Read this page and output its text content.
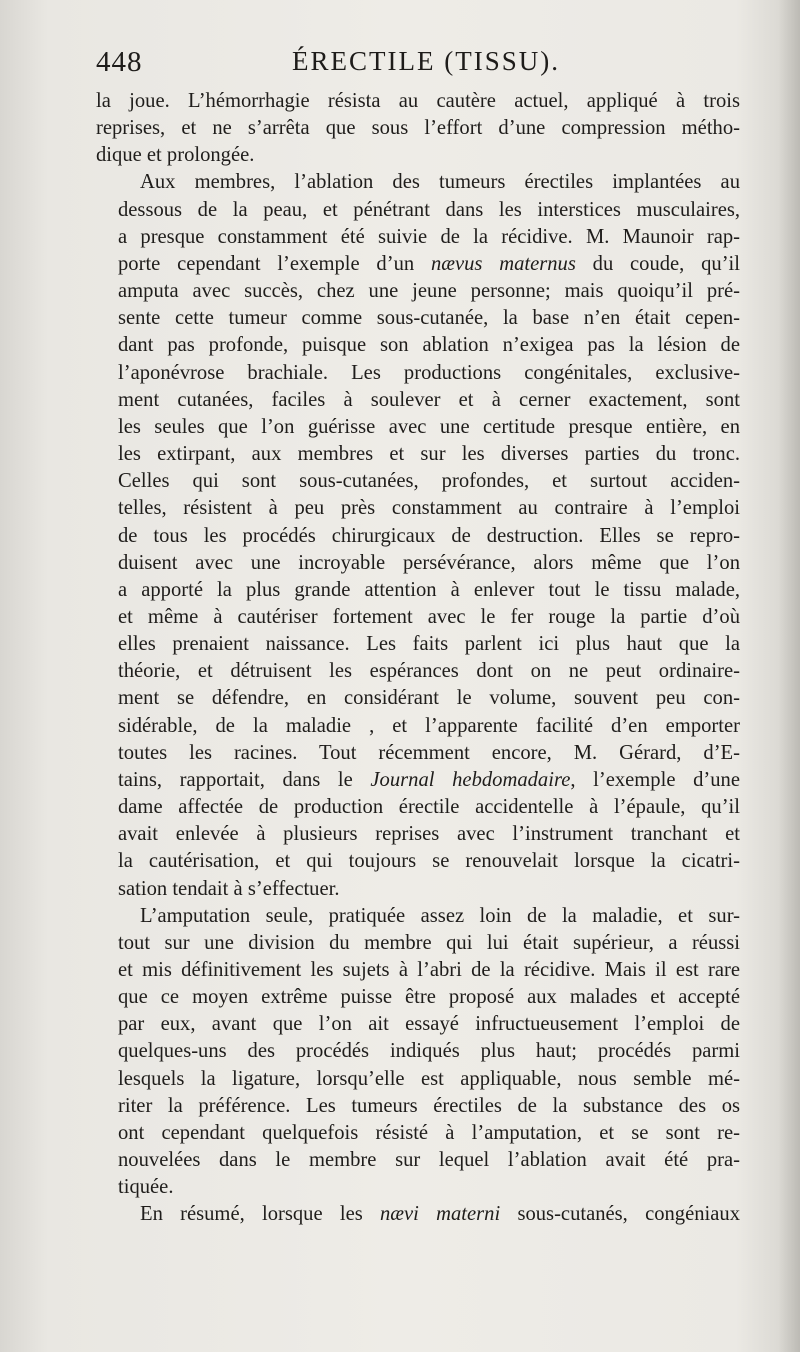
448	ÉRECTILE (TISSU).
la joue. L’hémorrhagie résista au cautère actuel, appliqué à trois
reprises, et ne s’arrêta que sous l’effort d’une compression métho-
dique et prolongée.
Aux membres, l’ablation des tumeurs érectiles implantées au
dessous de la peau, et pénétrant dans les interstices musculaires,
a presque constamment été suivie de la récidive. M. Maunoir rap-
porte cependant l’exemple d’un nævus maternus du coude, qu’il
amputa avec succès, chez une jeune personne; mais quoiqu’il pré-
sente cette tumeur comme sous-cutanée, la base n’en était cepen-
dant pas profonde, puisque son ablation n’exigea pas la lésion de
l’aponévrose brachiale. Les productions congénitales, exclusive-
ment cutanées, faciles à soulever et à cerner exactement, sont
les seules que l’on guérisse avec une certitude presque entière, en
les extirpant, aux membres et sur les diverses parties du tronc.
Celles qui sont sous-cutanées, profondes, et surtout acciden-
telles, résistent à peu près constamment au contraire à l’emploi
de tous les procédés chirurgicaux de destruction. Elles se repro-
duisent avec une incroyable persévérance, alors même que l’on
a apporté la plus grande attention à enlever tout le tissu malade,
et même à cautériser fortement avec le fer rouge la partie d’où
elles prenaient naissance. Les faits parlent ici plus haut que la
théorie, et détruisent les espérances dont on ne peut ordinaire-
ment se défendre, en considérant le volume, souvent peu con-
sidérable, de la maladie , et l’apparente facilité d’en emporter
toutes les racines. Tout récemment encore, M. Gérard, d’E-
tains, rapportait, dans le Journal hebdomadaire, l’exemple d’une
dame affectée de production érectile accidentelle à l’épaule, qu’il
avait enlevée à plusieurs reprises avec l’instrument tranchant et
la cautérisation, et qui toujours se renouvelait lorsque la cicatri-
sation tendait à s’effectuer.
L’amputation seule, pratiquée assez loin de la maladie, et sur-
tout sur une division du membre qui lui était supérieur, a réussi
et mis définitivement les sujets à l’abri de la récidive. Mais il est rare
que ce moyen extrême puisse être proposé aux malades et accepté
par eux, avant que l’on ait essayé infructueusement l’emploi de
quelques-uns des procédés indiqués plus haut; procédés parmi
lesquels la ligature, lorsqu’elle est appliquable, nous semble mé-
riter la préférence. Les tumeurs érectiles de la substance des os
ont cependant quelquefois résisté à l’amputation, et se sont re-
nouvelées dans le membre sur lequel l’ablation avait été pra-
tiquée.
En résumé, lorsque les nævi materni sous-cutanés, congéniaux
